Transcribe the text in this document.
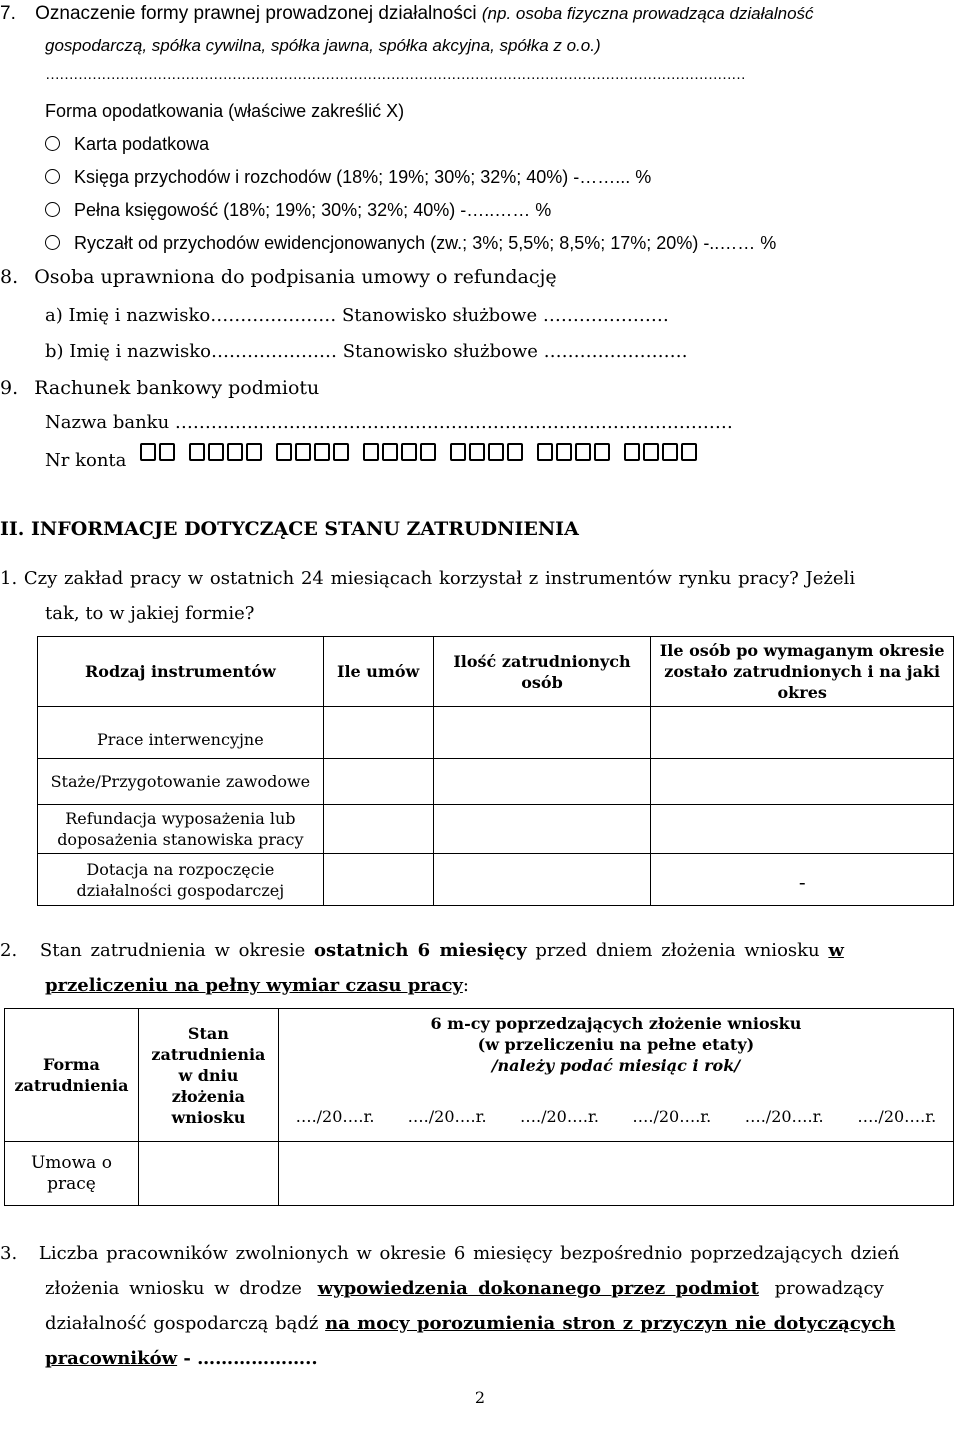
7. Oznaczenie formy prawnej prowadzonej działalności (np. osoba fizyczna prowadząca działalność
gospodarczą, spółka cywilna, spółka jawna, spółka akcyjna, spółka z o.o.)
……………………………………………………………………………………………………………………………………
Forma opodatkowania (właściwe zakreślić X)
Karta podatkowa
Księga przychodów i rozchodów (18%; 19%; 30%; 32%; 40%) -……... %
Pełna księgowość (18%; 19%; 30%; 32%; 40%) -…..…… %
Ryczałt od przychodów ewidencjonowanych (zw.; 3%; 5,5%; 8,5%; 17%; 20%) -..…… %
8. Osoba uprawniona do podpisania umowy o refundację
a) Imię i nazwisko………………… Stanowisko służbowe …………………
b) Imię i nazwisko………………… Stanowisko służbowe ……………………
9. Rachunek bankowy podmiotu
Nazwa banku …………………………………………………………………………………
Nr konta
II. INFORMACJE DOTYCZĄCE STANU ZATRUDNIENIA
1. Czy zakład pracy w ostatnich 24 miesiącach korzystał z instrumentów rynku pracy? Jeżeli
tak, to w jakiej formie?
Rodzaj instrumentów	Ile umów	Ilość zatrudnionych osób	Ile osób po wymaganym okresie zostało zatrudnionych i na jaki okres
Prace interwencyjne			
Staże/Przygotowanie zawodowe			
Refundacja wyposażenia lub doposażenia stanowiska pracy			
Dotacja na rozpoczęcie działalności gospodarczej			-
2. Stan zatrudnienia w okresie ostatnich 6 miesięcy przed dniem złożenia wniosku w
przeliczeniu na pełny wymiar czasu pracy:
Forma zatrudnienia	Stan zatrudnienia w dniu złożenia wniosku	6 m-cy poprzedzających złożenie wniosku
(w przeliczeniu na pełne etaty)
/należy podać miesiąc i rok/					

		…./20….r.	…./20….r.	…./20….r.	…./20….r.	…./20….r.	…./20….r.
Umowa o pracę							
3. Liczba pracowników zwolnionych w okresie 6 miesięcy bezpośrednio poprzedzających dzień
złożenia wniosku w drodze wypowiedzenia dokonanego przez podmiot prowadzący
działalność gospodarczą bądź na mocy porozumienia stron z przyczyn nie dotyczących
pracowników - ………………..
2
